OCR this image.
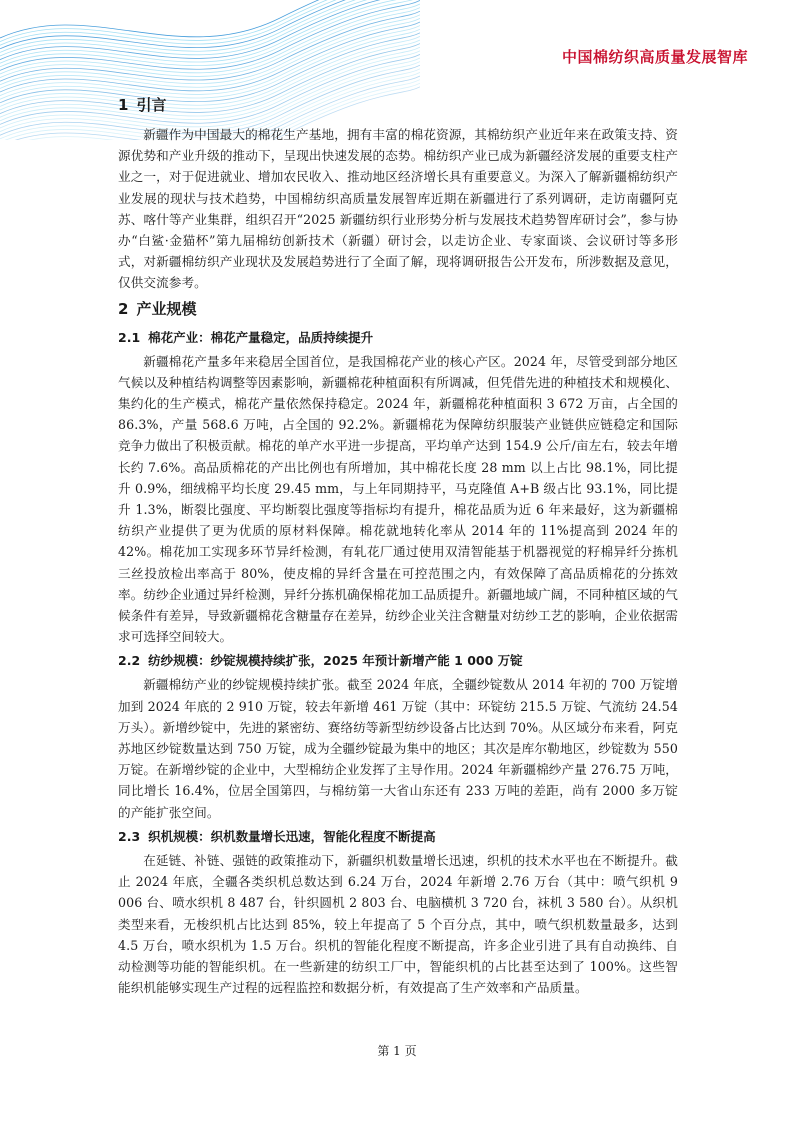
中国棉纺织高质量发展智库
1 引言

新疆作为中国最大的棉花生产基地，拥有丰富的棉花资源，其棉纺织产业近年来在政策支持、资源优势和产业升级的推动下，呈现出快速发展的态势。棉纺织产业已成为新疆经济发展的重要支柱产业之一，对于促进就业、增加农民收入、推动地区经济增长具有重要意义。为深入了解新疆棉纺织产业发展的现状与技术趋势，中国棉纺织高质量发展智库近期在新疆进行了系列调研，走访南疆阿克苏、喀什等产业集群，组织召开“2025 新疆纺织行业形势分析与发展技术趋势智库研讨会”，参与协办“白鲨·金猫杯”第九届棉纺创新技术（新疆）研讨会，以走访企业、专家面谈、会议研讨等多形式，对新疆棉纺织产业现状及发展趋势进行了全面了解，现将调研报告公开发布，所涉数据及意见，仅供交流参考。

2 产业规模
2.1 棉花产业：棉花产量稳定，品质持续提升

新疆棉花产量多年来稳居全国首位，是我国棉花产业的核心产区。2024 年，尽管受到部分地区气候以及种植结构调整等因素影响，新疆棉花种植面积有所调减，但凭借先进的种植技术和规模化、集约化的生产模式，棉花产量依然保持稳定。2024 年，新疆棉花种植面积 3 672 万亩，占全国的 86.3%，产量 568.6 万吨，占全国的 92.2%。新疆棉花为保障纺织服装产业链供应链稳定和国际竞争力做出了积极贡献。棉花的单产水平进一步提高，平均单产达到 154.9 公斤/亩左右，较去年增长约 7.6%。高品质棉花的产出比例也有所增加，其中棉花长度 28 mm 以上占比 98.1%，同比提升 0.9%，细绒棉平均长度 29.45 mm，与上年同期持平，马克隆值 A+B 级占比 93.1%，同比提升 1.3%，断裂比强度、平均断裂比强度等指标均有提升，棉花品质为近 6 年来最好，这为新疆棉纺织产业提供了更为优质的原材料保障。棉花就地转化率从 2014 年的 11%提高到 2024 年的 42%。棉花加工实现多环节异纤检测，有轧花厂通过使用双清智能基于机器视觉的籽棉异纤分拣机三丝投放检出率高于 80%，使皮棉的异纤含量在可控范围之内，有效保障了高品质棉花的分拣效率。纺纱企业通过异纤检测，异纤分拣机确保棉花加工品质提升。新疆地域广阔，不同种植区域的气候条件有差异，导致新疆棉花含糖量存在差异，纺纱企业关注含糖量对纺纱工艺的影响，企业依据需求可选择空间较大。

2.2 纺纱规模：纱锭规模持续扩张，2025 年预计新增产能 1 000 万锭

新疆棉纺产业的纱锭规模持续扩张。截至 2024 年底，全疆纱锭数从 2014 年初的 700 万锭增加到 2024 年底的 2 910 万锭，较去年新增 461 万锭（其中：环锭纺 215.5 万锭、气流纺 24.54 万头）。新增纱锭中，先进的紧密纺、赛络纺等新型纺纱设备占比达到 70%。从区域分布来看，阿克苏地区纱锭数量达到 750 万锭，成为全疆纱锭最为集中的地区；其次是库尔勒地区，纱锭数为 550 万锭。在新增纱锭的企业中，大型棉纺企业发挥了主导作用。2024 年新疆棉纱产量 276.75 万吨，同比增长 16.4%，位居全国第四，与棉纺第一大省山东还有 233 万吨的差距，尚有 2000 多万锭的产能扩张空间。

2.3 织机规模：织机数量增长迅速，智能化程度不断提高

在延链、补链、强链的政策推动下，新疆织机数量增长迅速，织机的技术水平也在不断提升。截止 2024 年底，全疆各类织机总数达到 6.24 万台，2024 年新增 2.76 万台（其中：喷气织机 9 006 台、喷水织机 8 487 台，针织圆机 2 803 台、电脑横机 3 720 台，袜机 3 580 台）。从织机类型来看，无梭织机占比达到 85%，较上年提高了 5 个百分点，其中，喷气织机数量最多，达到 4.5 万台，喷水织机为 1.5 万台。织机的智能化程度不断提高，许多企业引进了具有自动换纬、自动检测等功能的智能织机。在一些新建的纺织工厂中，智能织机的占比甚至达到了 100%。这些智能织机能够实现生产过程的远程监控和数据分析，有效提高了生产效率和产品质量。

第 1 页
